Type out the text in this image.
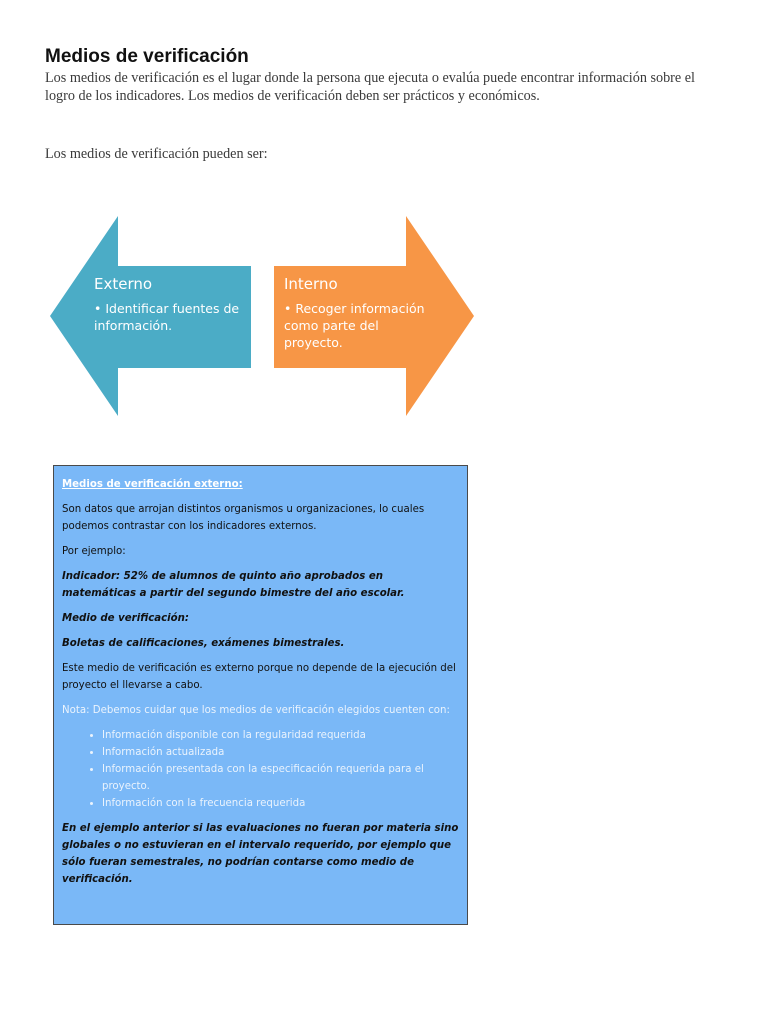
Medios de verificación
Los medios de verificación es el lugar donde la persona que ejecuta o evalúa puede encontrar información sobre el logro de los indicadores. Los medios de verificación deben ser prácticos y económicos.
Los medios de verificación pueden ser:
Externo
• Identificar fuentes de información.
Interno
• Recoger información como parte del proyecto.

Medios de verificación externo:

Son datos que arrojan distintos organismos u organizaciones, lo cuales podemos contrastar con los indicadores externos.

Por ejemplo:

Indicador: 52% de alumnos de quinto año aprobados en matemáticas a partir del segundo bimestre del año escolar.

Medio de verificación:

Boletas de calificaciones, exámenes bimestrales.

Este medio de verificación es externo porque no depende de la ejecución del proyecto el llevarse a cabo.

Nota: Debemos cuidar que los medios de verificación elegidos cuenten con:

• Información disponible con la regularidad requerida
• Información actualizada
• Información presentada con la especificación requerida para el proyecto.
• Información con la frecuencia requerida

En el ejemplo anterior si las evaluaciones no fueran por materia sino globales o no estuvieran en el intervalo requerido, por ejemplo que sólo fueran semestrales, no podrían contarse como medio de verificación.
